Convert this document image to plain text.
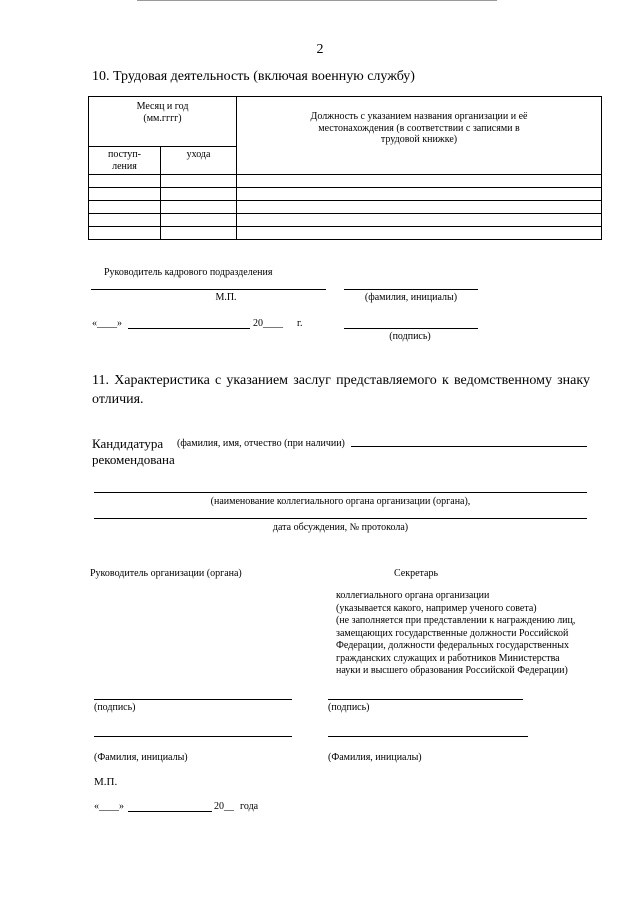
2
10. Трудовая деятельность (включая военную службу)
Месяц и год (мм.гггг)		Должность с указанием названия организации и её местонахождения (в соответствии с записями в трудовой книжке)
поступ-ления	ухода	

Руководитель кадрового подразделения
М.П.	(фамилия, инициалы)
«____»	20____ г.
(подпись)
11. Характеристика с указанием заслуг представляемого к ведомственному знаку отличия.
Кандидатура (фамилия, имя, отчество (при наличии)
рекомендована
(наименование коллегиального органа организации (органа),
дата обсуждения, № протокола)
Руководитель организации (органа)	Секретарь
коллегиального органа организации
(указывается какого, например ученого совета)
(не заполняется при представлении к награждению лиц,
замещающих государственные должности Российской
Федерации, должности федеральных государственных
гражданских служащих и работников Министерства
науки и высшего образования Российской Федерации)
(подпись)	(подпись)
(Фамилия, инициалы)	(Фамилия, инициалы)
М.П.
«____»	20__ года
